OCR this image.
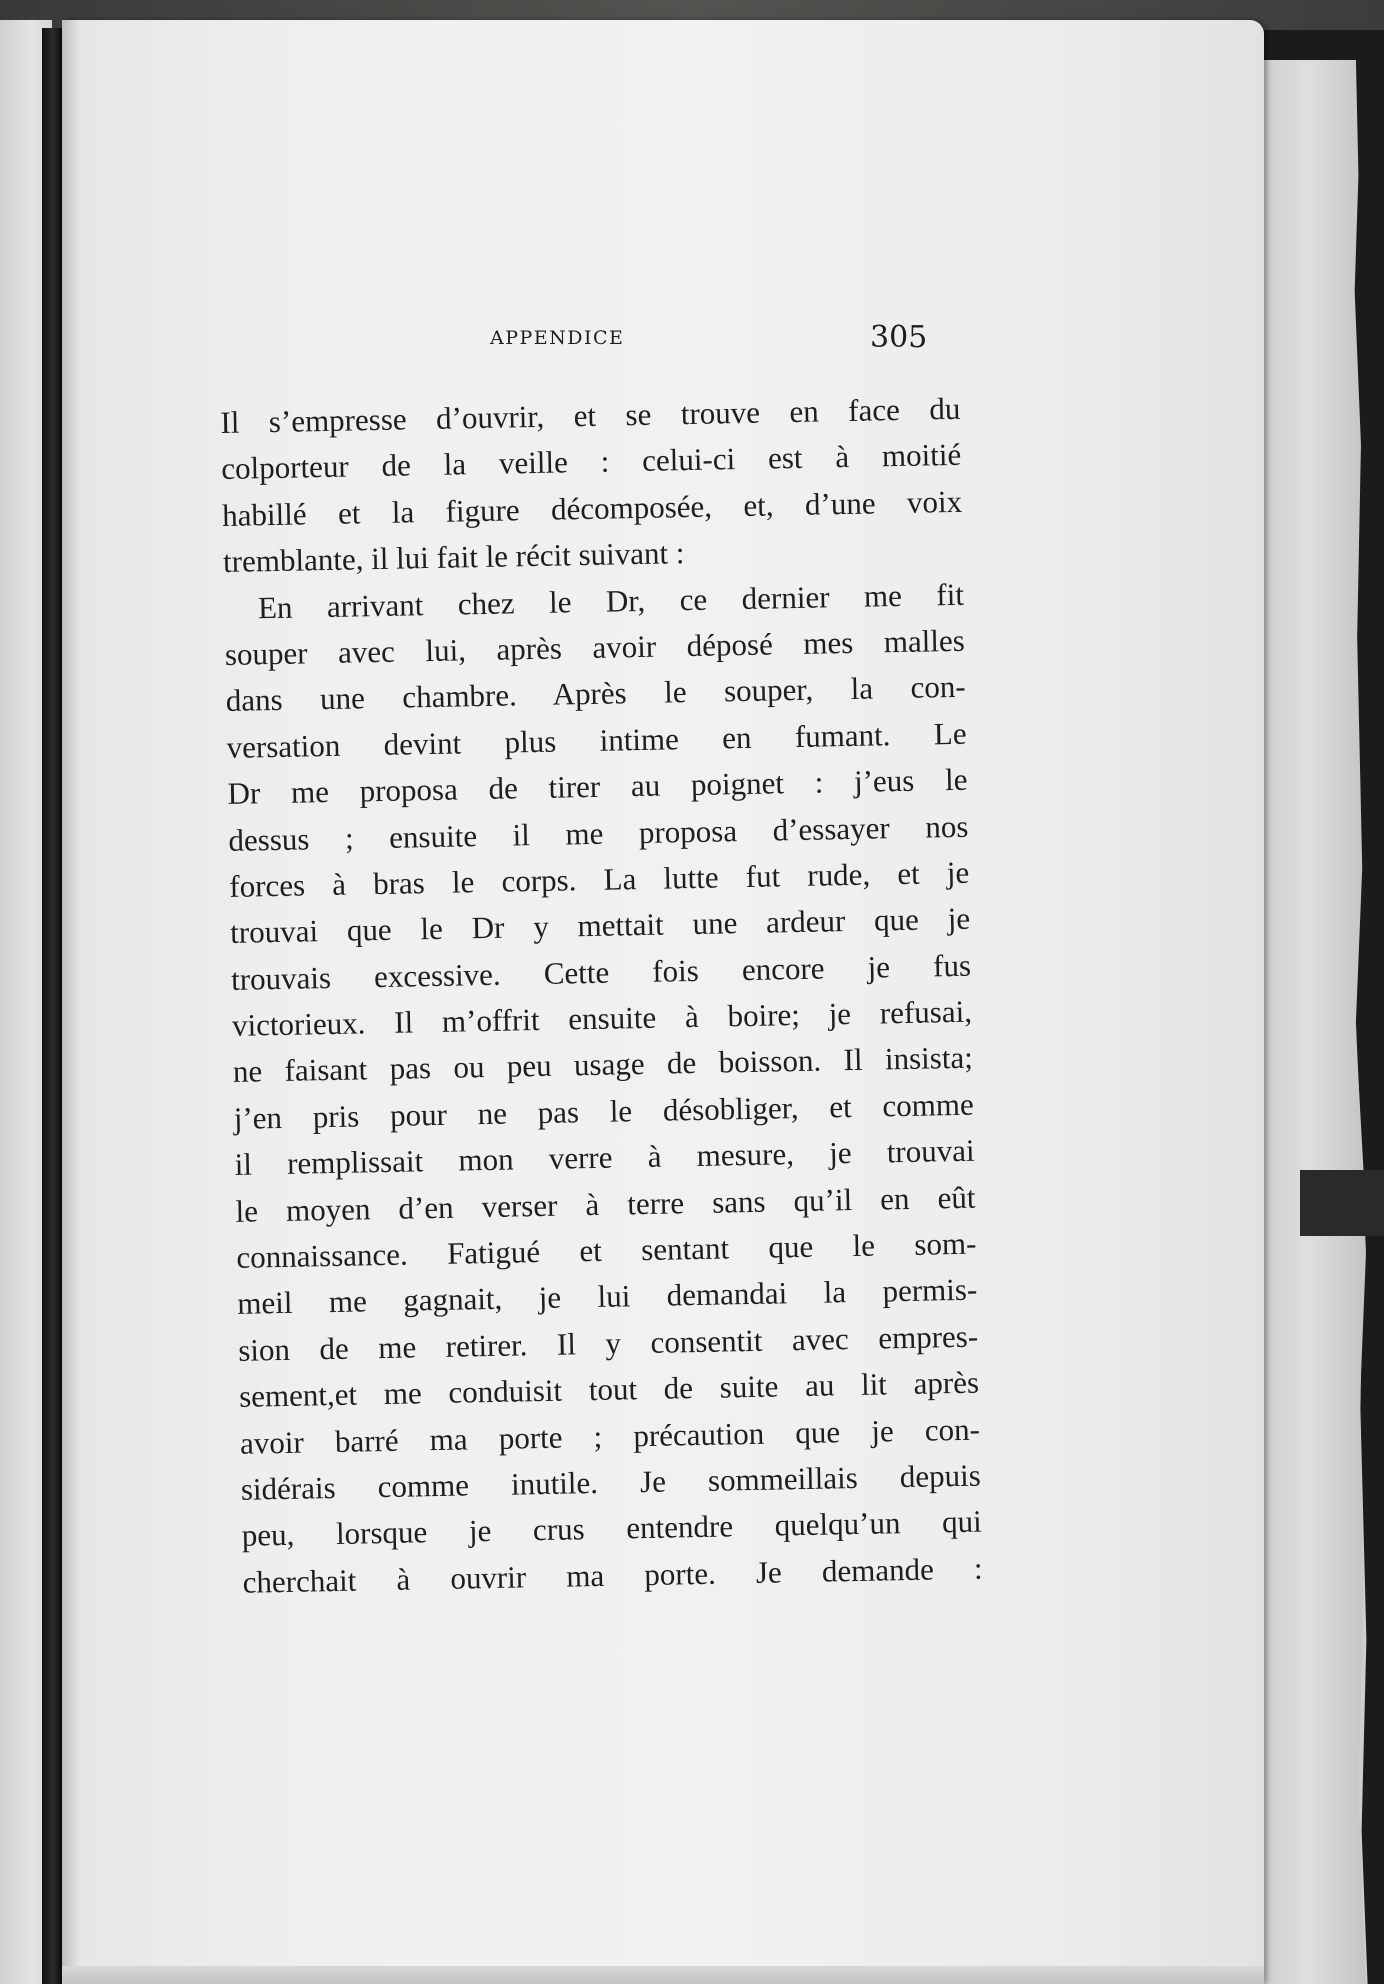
APPENDICE	305
Il s’empresse d’ouvrir, et se trouve en face du
colporteur de la veille : celui-ci est à moitié
habillé et la figure décomposée, et, d’une voix
tremblante, il lui fait le récit suivant :
En arrivant chez le Dr, ce dernier me fit
souper avec lui, après avoir déposé mes malles
dans une chambre. Après le souper, la con-
versation devint plus intime en fumant. Le
Dr me proposa de tirer au poignet : j’eus le
dessus ; ensuite il me proposa d’essayer nos
forces à bras le corps. La lutte fut rude, et je
trouvai que le Dr y mettait une ardeur que je
trouvais excessive. Cette fois encore je fus
victorieux. Il m’offrit ensuite à boire; je refusai,
ne faisant pas ou peu usage de boisson. Il insista;
j’en pris pour ne pas le désobliger, et comme
il remplissait mon verre à mesure, je trouvai
le moyen d’en verser à terre sans qu’il en eût
connaissance. Fatigué et sentant que le som-
meil me gagnait, je lui demandai la permis-
sion de me retirer. Il y consentit avec empres-
sement,et me conduisit tout de suite au lit après
avoir barré ma porte ; précaution que je con-
sidérais comme inutile. Je sommeillais depuis
peu, lorsque je crus entendre quelqu’un qui
cherchait à ouvrir ma porte. Je demande :
